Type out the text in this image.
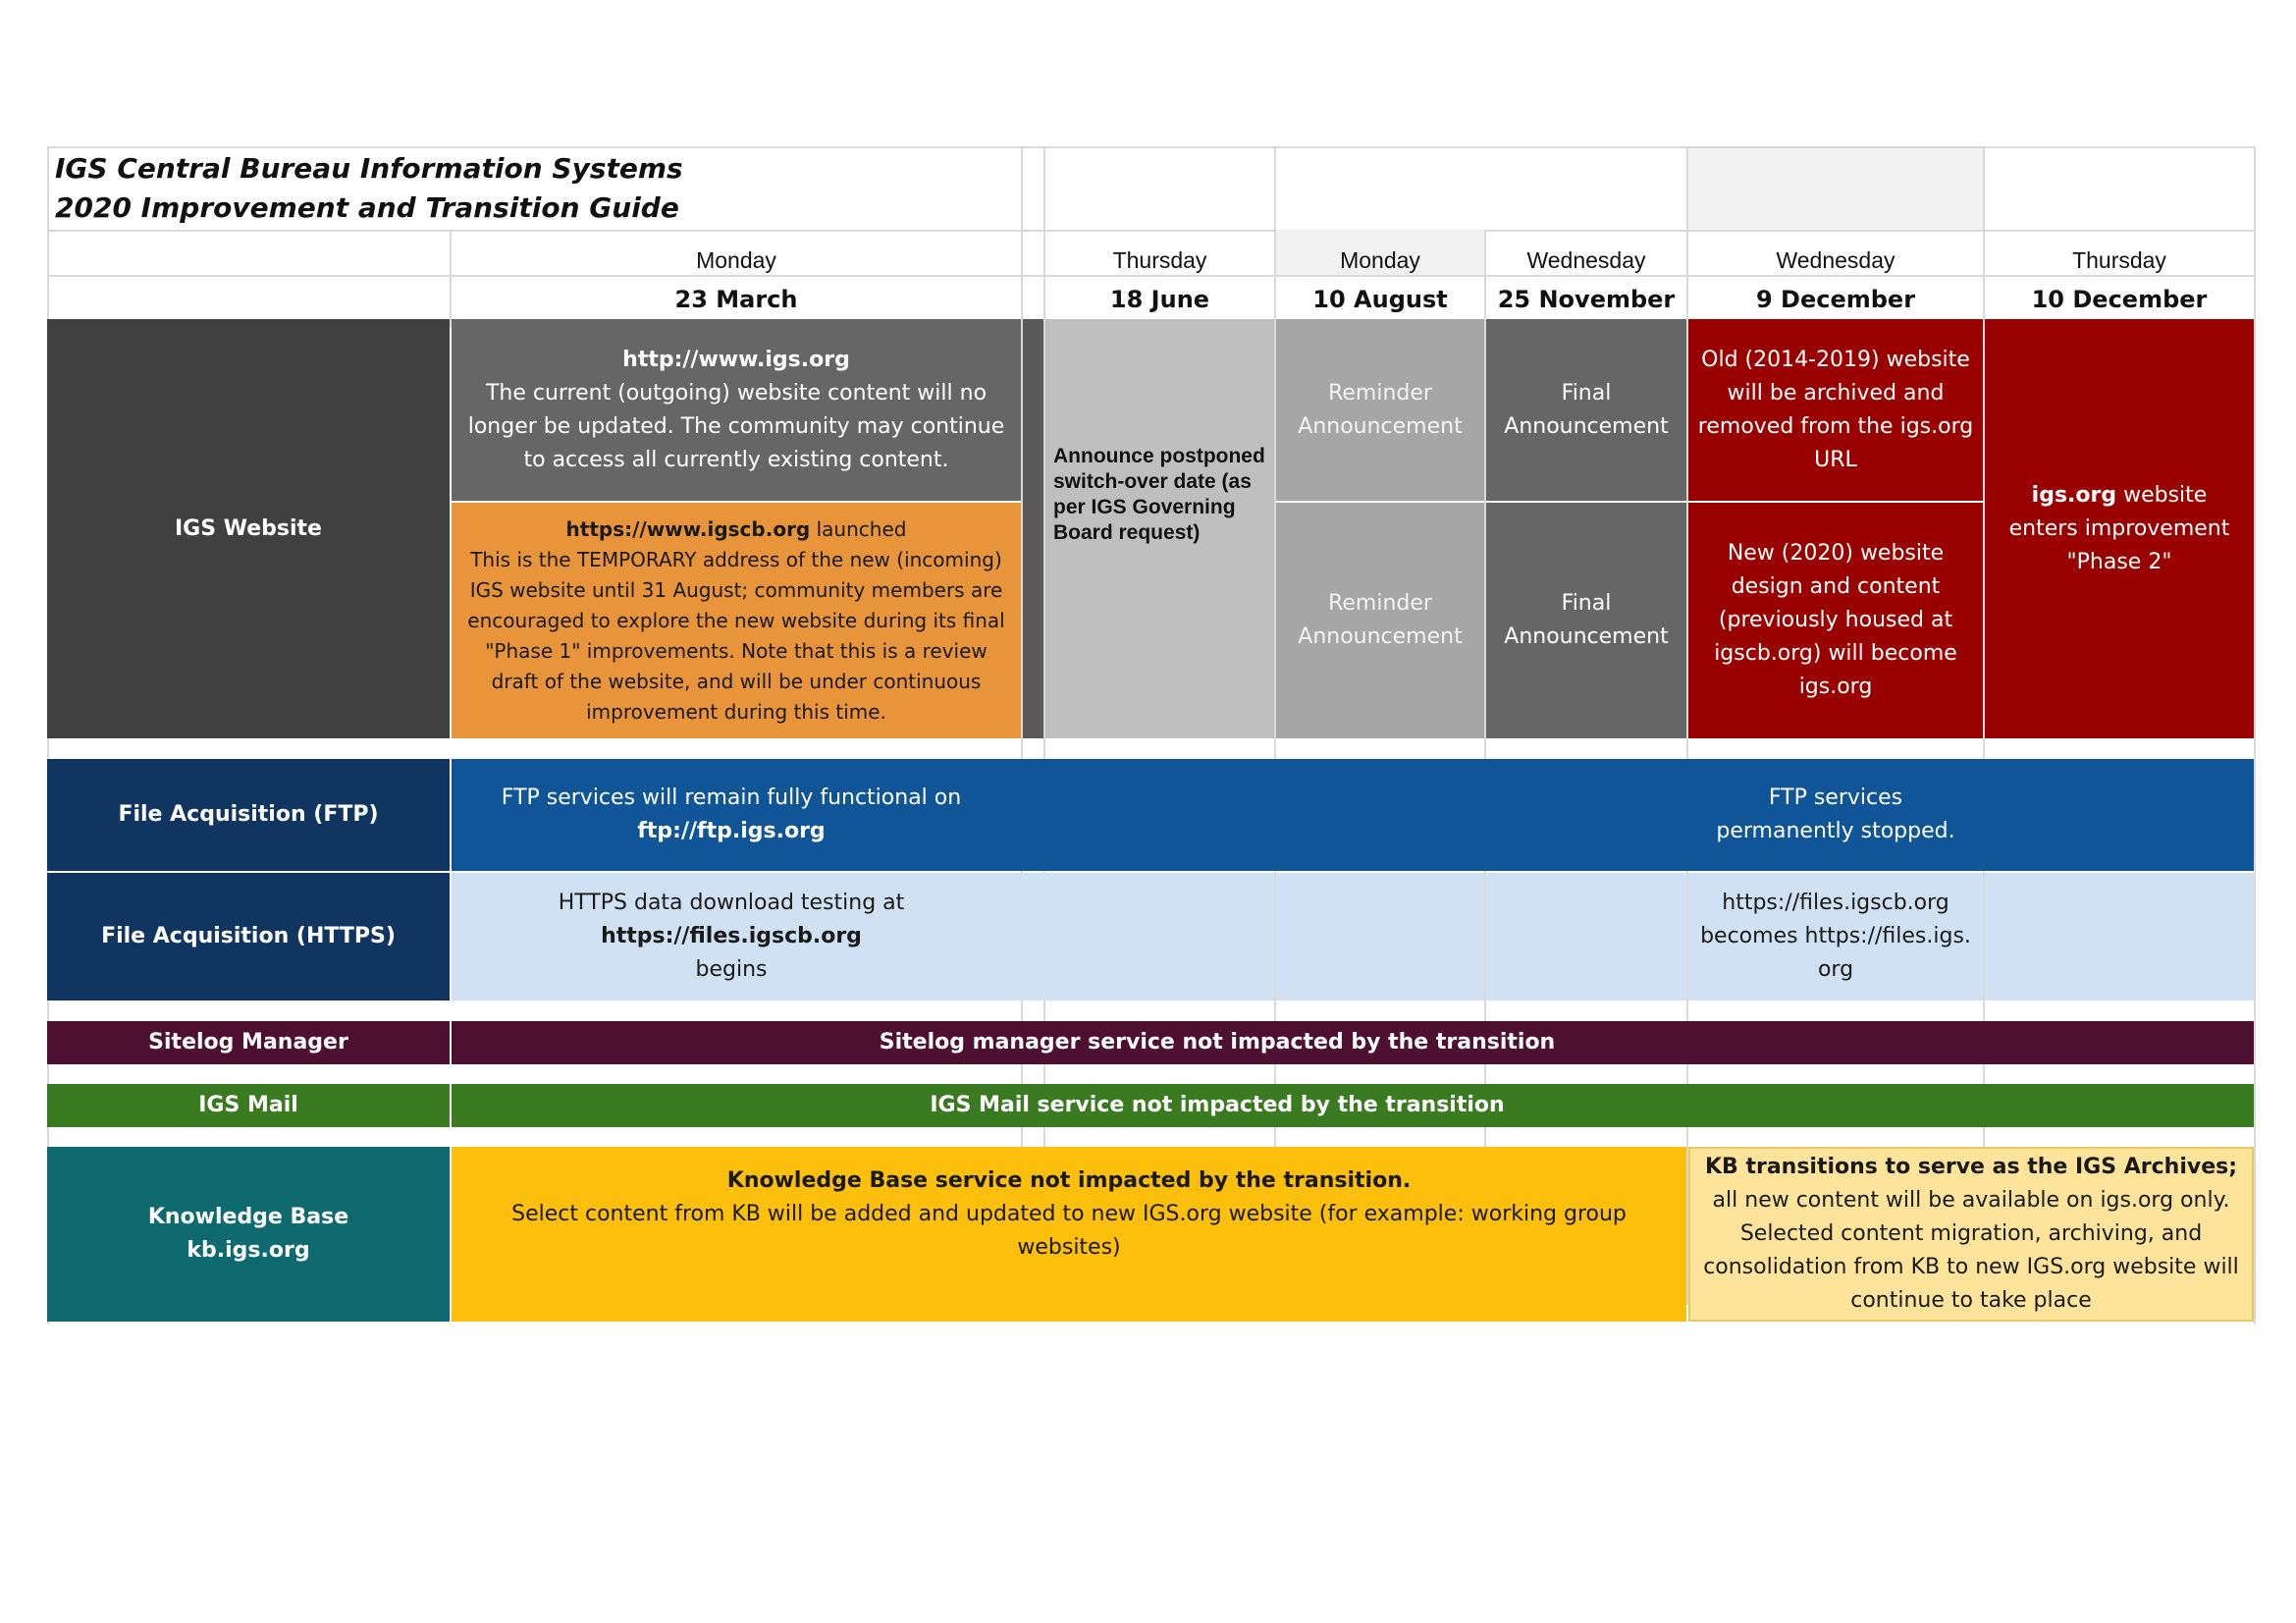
IGS Central Bureau Information Systems
2020 Improvement and Transition Guide
Monday
23 March
Thursday
18 June
Monday
10 August
Wednesday
25 November
Wednesday
9 December
Thursday
10 December
IGS Website
http://www.igs.org
The current (outgoing) website content will no longer be updated. The community may continue to access all currently existing content.
https://www.igscb.org launched
This is the TEMPORARY address of the new (incoming) IGS website until 31 August; community members are encouraged to explore the new website during its final "Phase 1" improvements. Note that this is a review draft of the website, and will be under continuous improvement during this time.
Announce postponed switch-over date (as per IGS Governing Board request)
Reminder Announcement
Reminder Announcement
Final Announcement
Final Announcement
Old (2014-2019) website will be archived and removed from the igs.org URL
New (2020) website design and content (previously housed at igscb.org) will become igs.org
igs.org website enters improvement "Phase 2"
File Acquisition (FTP)
FTP services will remain fully functional on
ftp://ftp.igs.org
FTP services permanently stopped.
File Acquisition (HTTPS)
HTTPS data download testing at
https://files.igscb.org
begins
https://files.igscb.org becomes https://files.igs. org
Sitelog Manager	Sitelog manager service not impacted by the transition
IGS Mail	IGS Mail service not impacted by the transition
Knowledge Base
kb.igs.org
Knowledge Base service not impacted by the transition.
Select content from KB will be added and updated to new IGS.org website (for example: working group websites)
KB transitions to serve as the IGS Archives;
all new content will be available on igs.org only. Selected content migration, archiving, and consolidation from KB to new IGS.org website will continue to take place
